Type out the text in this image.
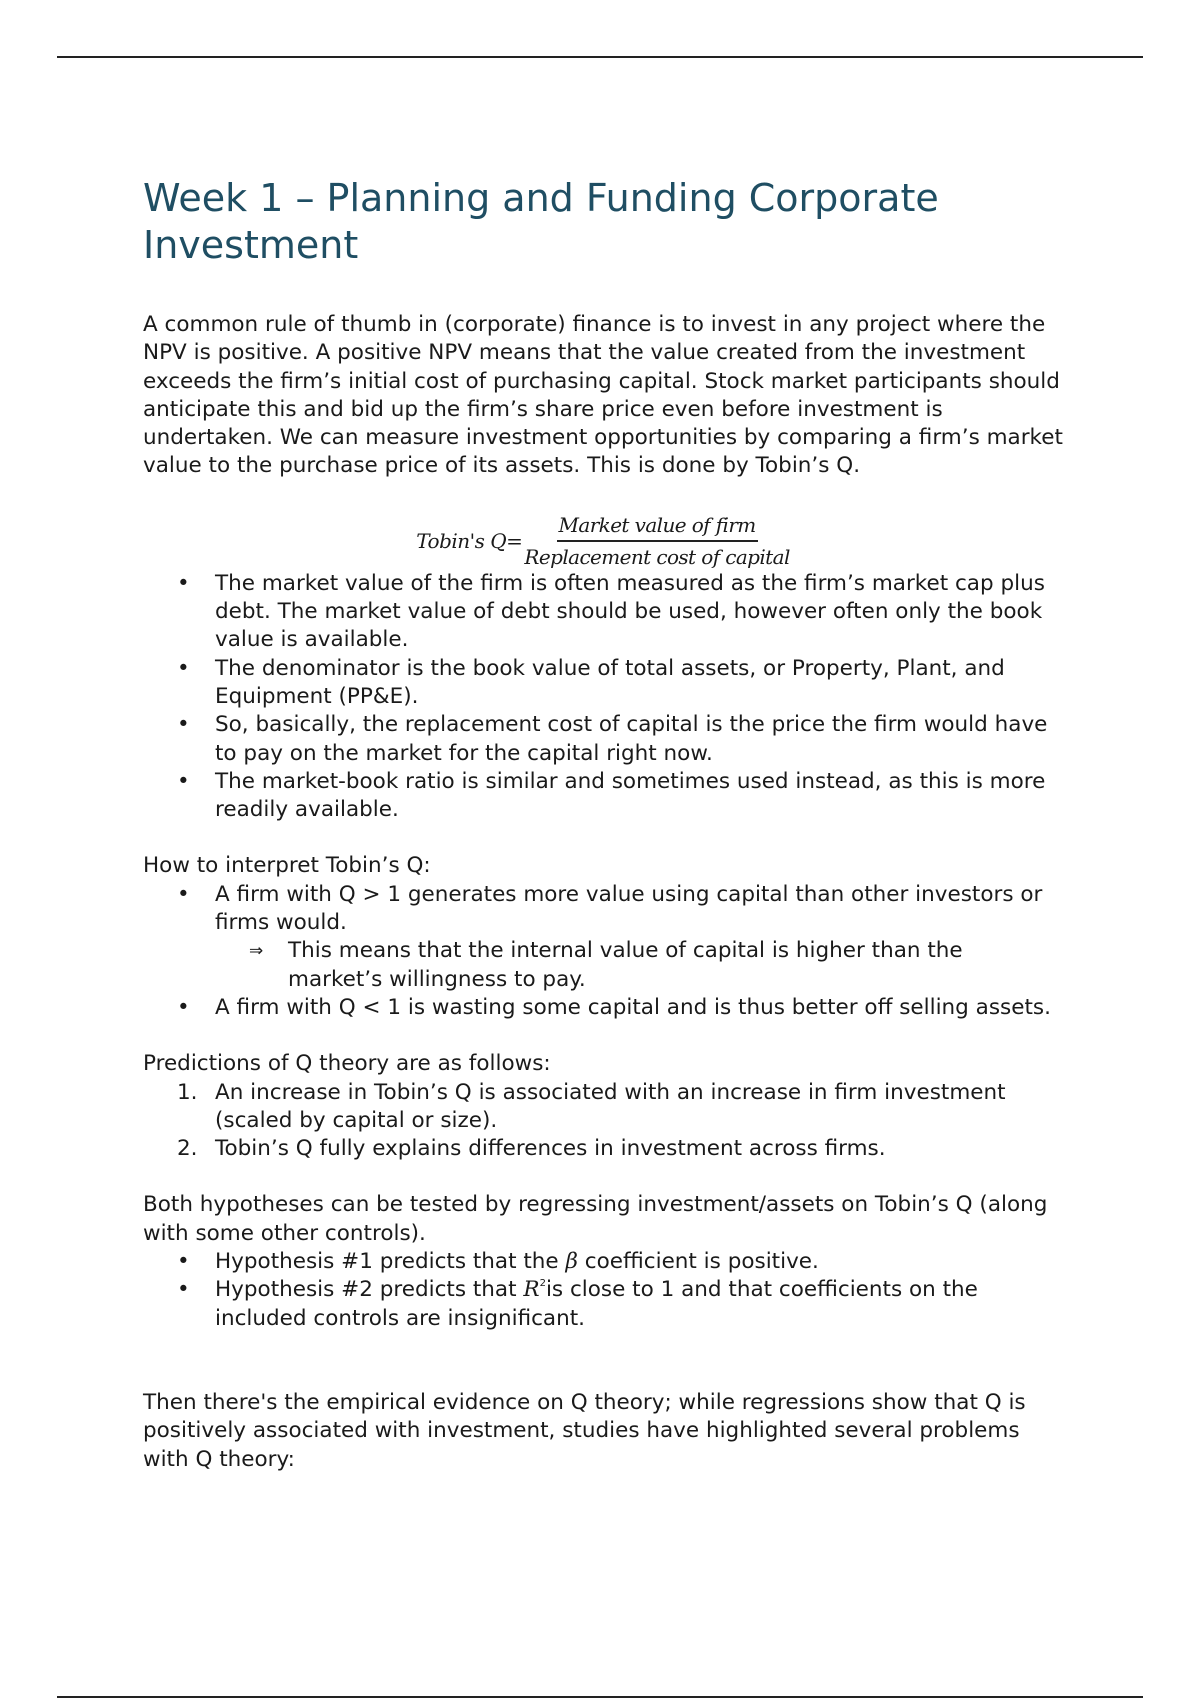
Week 1 – Planning and Funding Corporate Investment

A common rule of thumb in (corporate) finance is to invest in any project where the NPV is positive. A positive NPV means that the value created from the investment exceeds the firm’s initial cost of purchasing capital. Stock market participants should anticipate this and bid up the firm’s share price even before investment is undertaken. We can measure investment opportunities by comparing a firm’s market value to the purchase price of its assets. This is done by Tobin’s Q.

Tobin's $Q= \frac{\text{Market value of firm}}{\text{Replacement cost of capital}}$
•	The market value of the firm is often measured as the firm’s market cap plus debt. The market value of debt should be used, however often only the book value is available.
•	The denominator is the book value of total assets, or Property, Plant, and Equipment (PP&E).
•	So, basically, the replacement cost of capital is the price the firm would have to pay on the market for the capital right now.
•	The market-book ratio is similar and sometimes used instead, as this is more readily available.

How to interpret Tobin’s Q:

•	A firm with Q > 1 generates more value using capital than other investors or firms would.
⇒	This means that the internal value of capital is higher than the market’s willingness to pay.
•	A firm with Q < 1 is wasting some capital and is thus better off selling assets.

Predictions of Q theory are as follows:

1. An increase in Tobin’s Q is associated with an increase in firm investment (scaled by capital or size).
2. Tobin’s Q fully explains differences in investment across firms.

Both hypotheses can be tested by regressing investment/assets on Tobin’s Q (along with some other controls).

•	Hypothesis #1 predicts that the β coefficient is positive.
•	Hypothesis #2 predicts that $R^2is$ close to 1 and that coefficients on the included controls are insignificant.

Then there's the empirical evidence on Q theory; while regressions show that Q is positively associated with investment, studies have highlighted several problems with Q theory:
